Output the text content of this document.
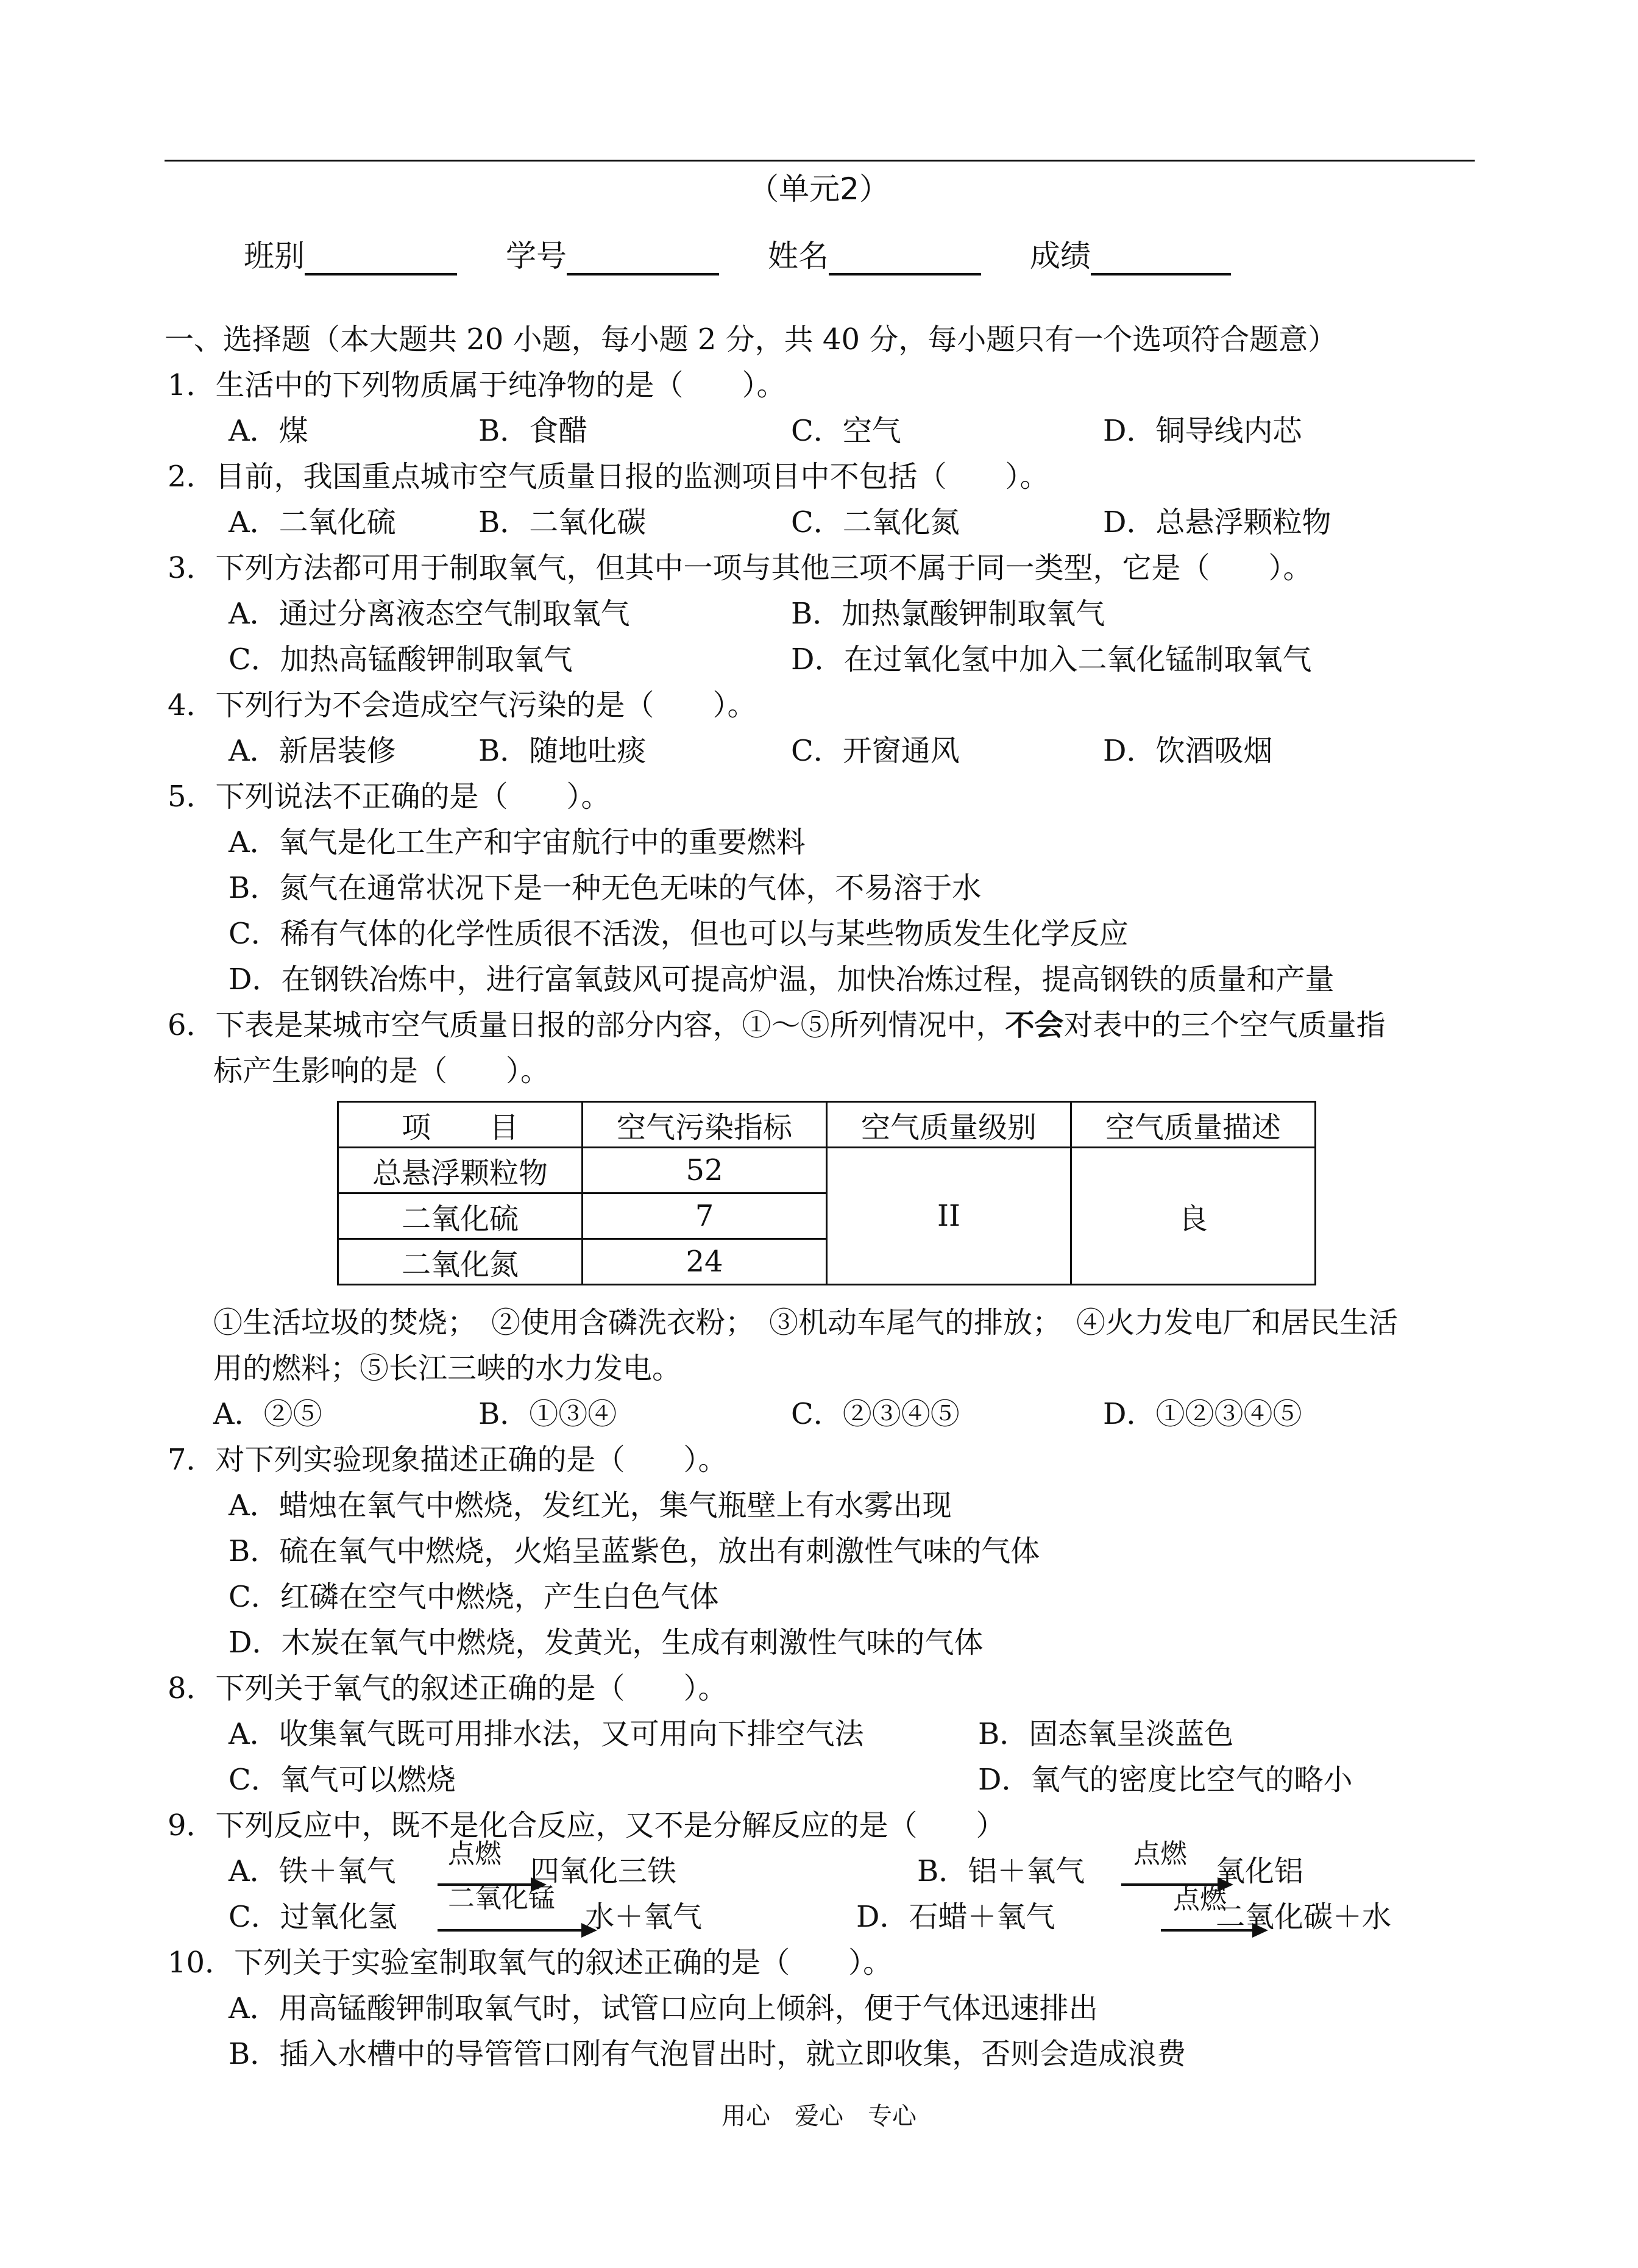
（单元2）
班别	学号	姓名	成绩
一、选择题（本大题共 20 小题，每小题 2 分，共 40 分，每小题只有一个选项符合题意）
1．生活中的下列物质属于纯净物的是（　　）。
A．煤	B．食醋	C．空气	D．铜导线内芯
2．目前，我国重点城市空气质量日报的监测项目中不包括（　　）。
A．二氧化硫	B．二氧化碳	C．二氧化氮	D．总悬浮颗粒物
3．下列方法都可用于制取氧气，但其中一项与其他三项不属于同一类型，它是（　　）。
A．通过分离液态空气制取氧气	B．加热氯酸钾制取氧气
C．加热高锰酸钾制取氧气	D．在过氧化氢中加入二氧化锰制取氧气
4．下列行为不会造成空气污染的是（　　）。
A．新居装修	B．随地吐痰	C．开窗通风	D．饮酒吸烟
5．下列说法不正确的是（　　）。
A．氧气是化工生产和宇宙航行中的重要燃料
B．氮气在通常状况下是一种无色无味的气体，不易溶于水
C．稀有气体的化学性质很不活泼，但也可以与某些物质发生化学反应
D．在钢铁冶炼中，进行富氧鼓风可提高炉温，加快冶炼过程，提高钢铁的质量和产量
6．下表是某城市空气质量日报的部分内容，①～⑤所列情况中，不会对表中的三个空气质量指
标产生影响的是（　　）。
项　　目	空气污染指标	空气质量级别	空气质量描述
总悬浮颗粒物	52	II	良
二氧化硫	7		
二氧化氮	24		
①生活垃圾的焚烧；　②使用含磷洗衣粉；　③机动车尾气的排放；　④火力发电厂和居民生活
用的燃料；⑤长江三峡的水力发电。
A．②⑤	B．①③④	C．②③④⑤	D．①②③④⑤
7．对下列实验现象描述正确的是（　　）。
A．蜡烛在氧气中燃烧，发红光，集气瓶壁上有水雾出现
B．硫在氧气中燃烧，火焰呈蓝紫色，放出有刺激性气味的气体
C．红磷在空气中燃烧，产生白色气体
D．木炭在氧气中燃烧，发黄光，生成有刺激性气味的气体
8．下列关于氧气的叙述正确的是（　　）。
A．收集氧气既可用排水法，又可用向下排空气法	B．固态氧呈淡蓝色
C．氧气可以燃烧	D．氧气的密度比空气的略小
9．下列反应中，既不是化合反应，又不是分解反应的是（　　）
A．铁＋氧气
点燃
四氧化三铁	B．铝＋氧气
点燃
氧化铝
C．过氧化氢
二氧化锰
水＋氧气	D．石蜡＋氧气
点燃
二氧化碳＋水
10．下列关于实验室制取氧气的叙述正确的是（　　）。
A．用高锰酸钾制取氧气时，试管口应向上倾斜，便于气体迅速排出
B．插入水槽中的导管管口刚有气泡冒出时，就立即收集，否则会造成浪费
用心　爱心　专心
